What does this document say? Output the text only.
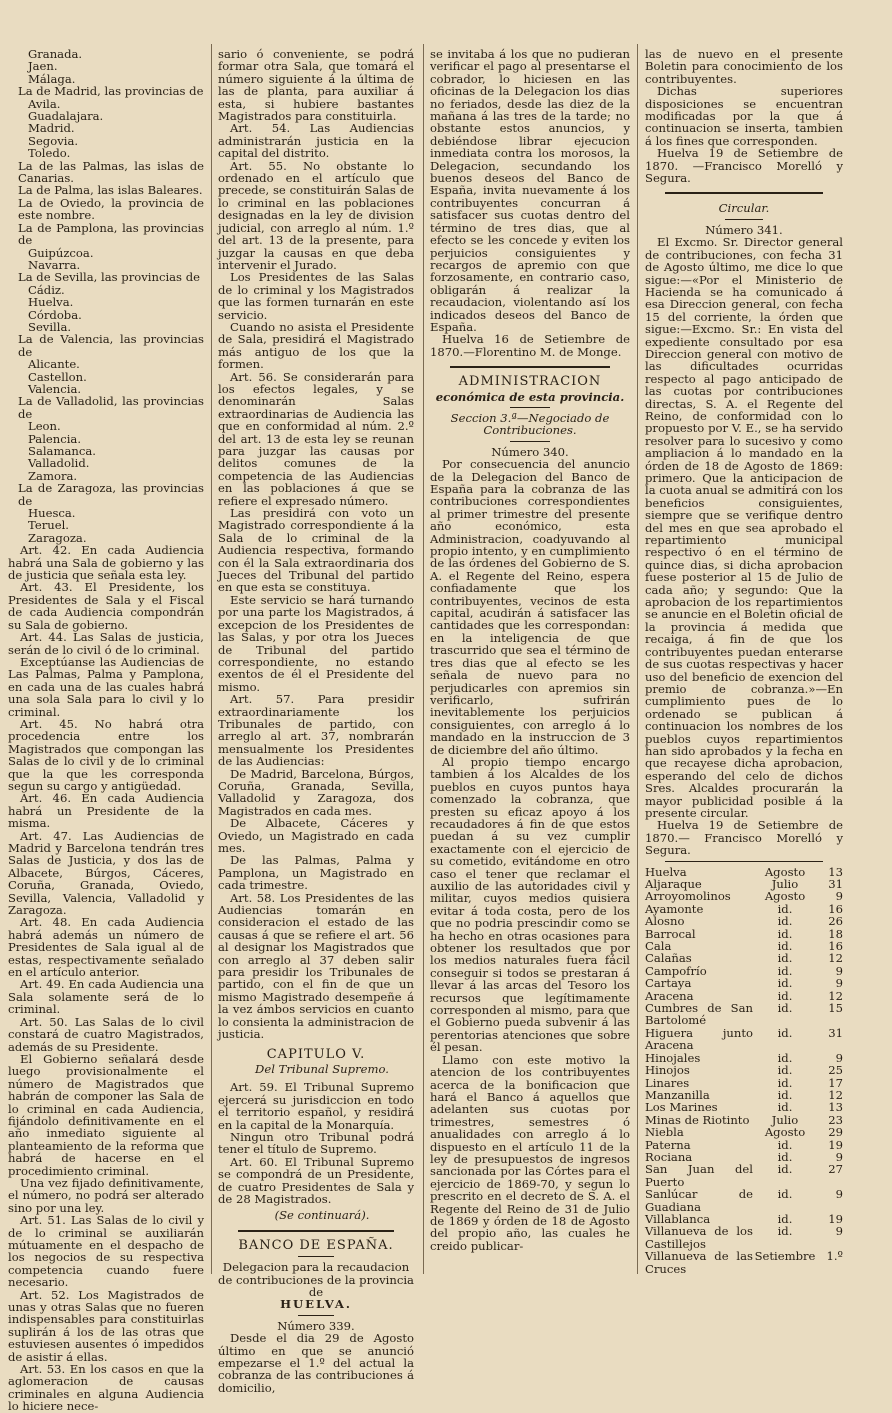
Granada.

Jaen.

Málaga.

La de Madrid, las provincias de

Avila.

Guadalajara.

Madrid.

Segovia.

Toledo.

La de las Palmas, las islas de Canarias.

La de Palma, las islas Baleares.

La de Oviedo, la provincia de este nombre.

La de Pamplona, las provincias de

Guipúzcoa.

Navarra.

La de Sevilla, las provincias de

Cádiz.

Huelva.

Córdoba.

Sevilla.

La de Valencia, las provincias de

Alicante.

Castellon.

Valencia.

La de Valladolid, las provincias de

Leon.

Palencia.

Salamanca.

Valladolid.

Zamora.

La de Zaragoza, las provincias de

Huesca.

Teruel.

Zaragoza.

Art. 42. En cada Audiencia habrá una Sala de gobierno y las de justicia que señala esta ley.

Art. 43. El Presidente, los Presidentes de Sala y el Fiscal de cada Audiencia compondrán su Sala de gobierno.

Art. 44. Las Salas de justicia, serán de lo civil ó de lo criminal.

Exceptúanse las Audiencias de Las Palmas, Palma y Pamplona, en cada una de las cuales habrá una sola Sala para lo civil y lo criminal.

Art. 45. No habrá otra procedencia entre los Magistrados que compongan las Salas de lo civil y de lo criminal que la que les corresponda segun su cargo y antigüedad.

Art. 46. En cada Audiencia habrá un Presidente de la misma.

Art. 47. Las Audiencias de Madrid y Barcelona tendrán tres Salas de Justicia, y dos las de Albacete, Búrgos, Cáceres, Coruña, Granada, Oviedo, Sevilla, Valencia, Valladolid y Zaragoza.

Art. 48. En cada Audiencia habrá además un número de Presidentes de Sala igual al de estas, respectivamente señalado en el artículo anterior.

Art. 49. En cada Audiencia una Sala solamente será de lo criminal.

Art. 50. Las Salas de lo civil constará de cuatro Magistrados, además de su Presidente.

El Gobierno señalará desde luego provisionalmente el número de Magistrados que habrán de componer las Sala de lo criminal en cada Audiencia, fijándolo definitivamente en el año inmediato siguiente al planteamiento de la reforma que habrá de hacerse en el procedimiento criminal.

Una vez fijado definitivamente, el número, no podrá ser alterado sino por una ley.

Art. 51. Las Salas de lo civil y de lo criminal se auxiliarán mútuamente en el despacho de los negocios de su respectiva competencia cuando fuere necesario.

Art. 52. Los Magistrados de unas y otras Salas que no fueren indispensables para constituirlas suplirán á los de las otras que estuviesen ausentes ó impedidos de asistir á ellas.

Art. 53. En los casos en que la aglomeracion de causas criminales en alguna Audiencia lo hiciere nece-

sario ó conveniente, se podrá formar otra Sala, que tomará el número siguiente á la última de las de planta, para auxiliar á esta, si hubiere bastantes Magistrados para constituirla.

Art. 54. Las Audiencias administrarán justicia en la capital del distrito.

Art. 55. No obstante lo ordenado en el artículo que precede, se constituirán Salas de lo criminal en las poblaciones designadas en la ley de division judicial, con arreglo al núm. 1.º del art. 13 de la presente, para juzgar la causas en que deba intervenir el Jurado.

Los Presidentes de las Salas de lo criminal y los Magistrados que las formen turnarán en este servicio.

Cuando no asista el Presidente de Sala, presidirá el Magistrado más antiguo de los que la formen.

Art. 56. Se considerarán para los efectos legales, y se denominarán Salas extraordinarias de Audiencia las que en conformidad al núm. 2.º del art. 13 de esta ley se reunan para juzgar las causas por delitos comunes de la competencia de las Audiencias en las poblaciones á que se refiere el expresado número.

Las presidirá con voto un Magistrado correspondiente á la Sala de lo criminal de la Audiencia respectiva, formando con él la Sala extraordinaria dos Jueces del Tribunal del partido en que esta se constituya.

Este servicio se hará turnando por una parte los Magistrados, á excepcion de los Presidentes de las Salas, y por otra los Jueces de Tribunal del partido correspondiente, no estando exentos de él el Presidente del mismo.

Art. 57. Para presidir extraordinariamente los Tribunales de partido, con arreglo al art. 37, nombrarán mensualmente los Presidentes de las Audiencias:

De Madrid, Barcelona, Búrgos, Coruña, Granada, Sevilla, Valladolid y Zaragoza, dos Magistrados en cada mes.

De Albacete, Cáceres y Oviedo, un Magistrado en cada mes.

De las Palmas, Palma y Pamplona, un Magistrado en cada trimestre.

Art. 58. Los Presidentes de las Audiencias tomarán en consideracion el estado de las causas á que se refiere el art. 56 al designar los Magistrados que con arreglo al 37 deben salir para presidir los Tribunales de partido, con el fin de que un mismo Magistrado desempeñe á la vez ámbos servicios en cuanto lo consienta la administracion de justicia.

CAPITULO V.

Del Tribunal Supremo.

Art. 59. El Tribunal Supremo ejercerá su jurisdiccion en todo el territorio español, y residirá en la capital de la Monarquía.

Ningun otro Tribunal podrá tener el título de Supremo.

Art. 60. El Tribunal Supremo se compondrá de un Presidente, de cuatro Presidentes de Sala y de 28 Magistrados.

(Se continuará).

BANCO DE ESPAÑA.

Delegacion para la recaudacion de contribuciones de la provincia de

HUELVA.

Número 339.

Desde el dia 29 de Agosto último en que se anunció empezarse el 1.º del actual la cobranza de las contribuciones á domicilio,

se invitaba á los que no pudieran verificar el pago al presentarse el cobrador, lo hiciesen en las oficinas de la Delegacion los dias no feriados, desde las diez de la mañana á las tres de la tarde; no obstante estos anuncios, y debiéndose librar ejecucion inmediata contra los morosos, la Delegacion, secundando los buenos deseos del Banco de España, invita nuevamente á los contribuyentes concurran á satisfacer sus cuotas dentro del término de tres dias, que al efecto se les concede y eviten los perjuicios consiguientes y recargos de apremio con que forzosamente, en contrario caso, obligarán á realizar la recaudacion, violentando así los indicados deseos del Banco de España.

Huelva 16 de Setiembre de 1870.—Florentino M. de Monge.

ADMINISTRACION

económica de esta provincia.

Seccion 3.ª—Negociado de Contribuciones.

Número 340.

Por consecuencia del anuncio de la Delegacion del Banco de España para la cobranza de las contribuciones correspondientes al primer trimestre del presente año económico, esta Administracion, coadyuvando al propio intento, y en cumplimiento de las órdenes del Gobierno de S. A. el Regente del Reino, espera confiadamente que los contribuyentes, vecinos de esta capital, acudirán á satisfacer las cantidades que les correspondan: en la inteligencia de que trascurrido que sea el término de tres dias que al efecto se les señala de nuevo para no perjudicarles con apremios sin verificarlo, sufrirán inevitablemente los perjuicios consiguientes, con arreglo á lo mandado en la instruccion de 3 de diciembre del año último.

Al propio tiempo encargo tambien á los Alcaldes de los pueblos en cuyos puntos haya comenzado la cobranza, que presten su eficaz apoyo á los recaudadores á fin de que estos puedan á su vez cumplir exactamente con el ejercicio de su cometido, evitándome en otro caso el tener que reclamar el auxilio de las autoridades civil y militar, cuyos medios quisiera evitar á toda costa, pero de los que no podria prescindir como se ha hecho en otras ocasiones para obtener los resultados que por los medios naturales fuera fácil conseguir si todos se prestaran á llevar á las arcas del Tesoro los recursos que legítimamente corresponden al mismo, para que el Gobierno pueda subvenir á las perentorias atenciones que sobre él pesan.

Llamo con este motivo la atencion de los contribuyentes acerca de la bonificacion que hará el Banco á aquellos que adelanten sus cuotas por trimestres, semestres ó anualidades con arreglo á lo dispuesto en el artículo 11 de la ley de presupuestos de ingresos sancionada por las Córtes para el ejercicio de 1869-70, y segun lo prescrito en el decreto de S. A. el Regente del Reino de 31 de Julio de 1869 y órden de 18 de Agosto del propio año, las cuales he creido publicar-

las de nuevo en el presente Boletin para conocimiento de los contribuyentes.

Dichas superiores disposiciones se encuentran modificadas por la que á continuacion se inserta, tambien á los fines que corresponden.

Huelva 19 de Setiembre de 1870. —Francisco Morelló y Segura.

Circular.

Número 341.

El Excmo. Sr. Director general de contribuciones, con fecha 31 de Agosto último, me dice lo que sigue:—«Por el Ministerio de Hacienda se ha comunicado á esa Direccion general, con fecha 15 del corriente, la órden que sigue:—Excmo. Sr.: En vista del expediente consultado por esa Direccion general con motivo de las dificultades ocurridas respecto al pago anticipado de las cuotas por contribuciones directas, S. A. el Regente del Reino, de conformidad con lo propuesto por V. E., se ha servido resolver para lo sucesivo y como ampliacion á lo mandado en la órden de 18 de Agosto de 1869: primero. Que la anticipacion de la cuota anual se admitirá con los beneficios consiguientes, siempre que se verifique dentro del mes en que sea aprobado el repartimiento municipal respectivo ó en el término de quince dias, si dicha aprobacion fuese posterior al 15 de Julio de cada año; y segundo: Que la aprobacion de los repartimientos se anuncie en el Boletin oficial de la provincia á medida que recaiga, á fin de que los contribuyentes puedan enterarse de sus cuotas respectivas y hacer uso del beneficio de exencion del premio de cobranza.»—En cumplimiento pues de lo ordenado se publican á continuacion los nombres de los pueblos cuyos repartimientos han sido aprobados y la fecha en que recayese dicha aprobacion, esperando del celo de dichos Sres. Alcaldes procurarán la mayor publicidad posible á la presente circular.

Huelva 19 de Setiembre de 1870.— Francisco Morelló y Segura.

Huelva	Agosto	13
Aljaraque	Julio	31
Arroyomolinos	Agosto	9
Ayamonte	id.	16
Alosno	id.	26
Barrocal	id.	18
Cala	id.	16
Calañas	id.	12
Campofrío	id.	9
Cartaya	id.	9
Aracena	id.	12
Cumbres de San Bartolomé	id.	15
Higuera junto Aracena	id.	31
Hinojales	id.	9
Hinojos	id.	25
Linares	id.	17
Manzanilla	id.	12
Los Marines	id.	13
Minas de Riotinto	Julio	23
Niebla	Agosto	29
Paterna	id.	19
Rociana	id.	9
San Juan del Puerto	id.	27
Sanlúcar de Guadiana	id.	9
Villablanca	id.	19
Villanueva de los Castillejos	id.	9
Villanueva de las Cruces	Setiembre	1.º
